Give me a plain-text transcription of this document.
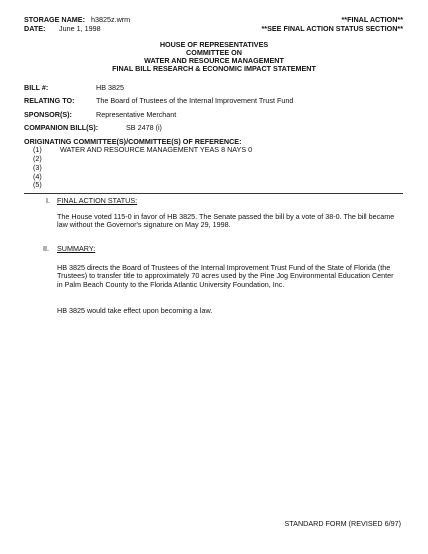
STORAGE NAME: h3825z.wrm	**FINAL ACTION**
DATE: June 1, 1998	**SEE FINAL ACTION STATUS SECTION**
HOUSE OF REPRESENTATIVES
COMMITTEE ON
WATER AND RESOURCE MANAGEMENT
FINAL BILL RESEARCH & ECONOMIC IMPACT STATEMENT
BILL #:	HB 3825
RELATING TO:	The Board of Trustees of the Internal Improvement Trust Fund
SPONSOR(S):	Representative Merchant
COMPANION BILL(S):	SB 2478 (i)
ORIGINATING COMMITTEE(S)/COMMITTEE(S) OF REFERENCE:
(1)	WATER AND RESOURCE MANAGEMENT YEAS 8 NAYS 0
(2)
(3)
(4)
(5)
I. FINAL ACTION STATUS:
The House voted 115-0 in favor of HB 3825. The Senate passed the bill by a vote of 38-0. The bill became law without the Governor's signature on May 29, 1998.
II. SUMMARY:
HB 3825 directs the Board of Trustees of the Internal Improvement Trust Fund of the State of Florida (the Trustees) to transfer title to approximately 70 acres used by the Pine Jog Environmental Education Center in Palm Beach County to the Florida Atlantic University Foundation, Inc.
HB 3825 would take effect upon becoming a law.
STANDARD FORM (REVISED 6/97)
